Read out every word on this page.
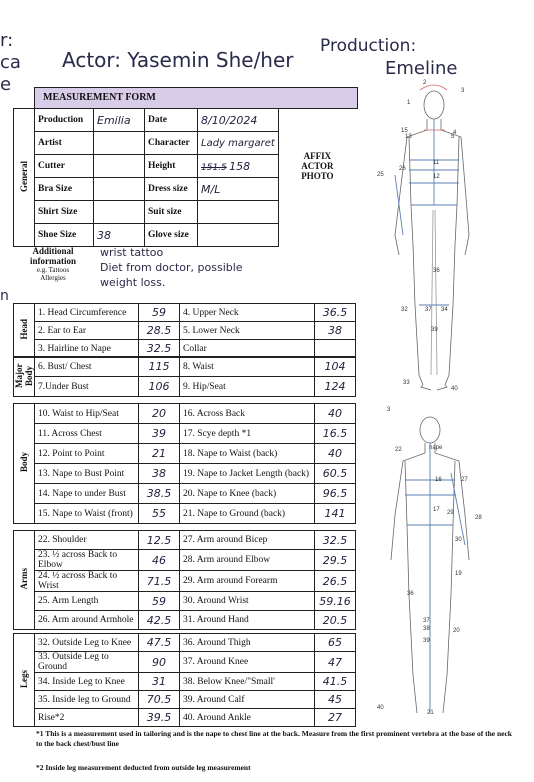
r:
ca
e
n
Actor: Yasemin She/her
Production:
Emeline
MEASUREMENT FORM
General	Production	Emilia	Date	8/10/2024	AFFIX
ACTOR
PHOTO

	Artist		Character	Lady margaret	
	Cutter		Height	151.5 158	
	Bra Size		Dress size	M/L	
	Shirt Size		Suit size		
	Shoe Size	38	Glove size		
Additional information
e.g. Tattoos
Allergies
wrist tattoo
Diet from doctor, possible
weight loss.
Head	1. Head Circumference	59	4. Upper Neck	36.5
	2. Ear to Ear	28.5	5. Lower Neck	38
	3. Hairline to Nape	32.5	Collar	
Major Body	6. Bust/ Chest	115	8. Waist	104
	7.Under Bust	106	9. Hip/Seat	124
Body	10. Waist to Hip/Seat	20	16. Across Back	40
	11. Across Chest	39	17. Scye depth *1	16.5
	12. Point to Point	21	18. Nape to Waist (back)	40
	13. Nape to Bust Point	38	19. Nape to Jacket Length (back)	60.5
	14. Nape to under Bust	38.5	20. Nape to Knee (back)	96.5
	15. Nape to Waist (front)	55	21. Nape to Ground (back)	141
Arms	22. Shoulder	12.5	27. Arm around Bicep	32.5
	23. ½ across Back to Elbow	46	28. Arm around Elbow	29.5
	24. ½ across Back to Wrist	71.5	29. Arm around Forearm	26.5
	25. Arm Length	59	30. Around Wrist	59.16
	26. Arm around Armhole	42.5	31. Around Hand	20.5
Legs	32. Outside Leg to Knee	47.5	36. Around Thigh	65
	33. Outside Leg to Ground	90	37. Around Knee	47
	34. Inside Leg to Knee	31	38. Below Knee/"Small'	41.5
	35. Inside leg to Ground	70.5	39. Around Calf	45
	Rise*2	39.5	40. Around Ankle	27
*1 This is a measurement used in tailoring and is the nape to chest line at the back. Measure from the first prominent vertebra at the base of the neck to the back chest/bust line
*2 Inside leg measurement deducted from outside leg measurement
1
2
3
13
4
15
5
11
25	12
26
36
32	37 34
39
33
40
3
22	nape
16	27
17 29
28
30
19
36
37
38	20
39
40
21
